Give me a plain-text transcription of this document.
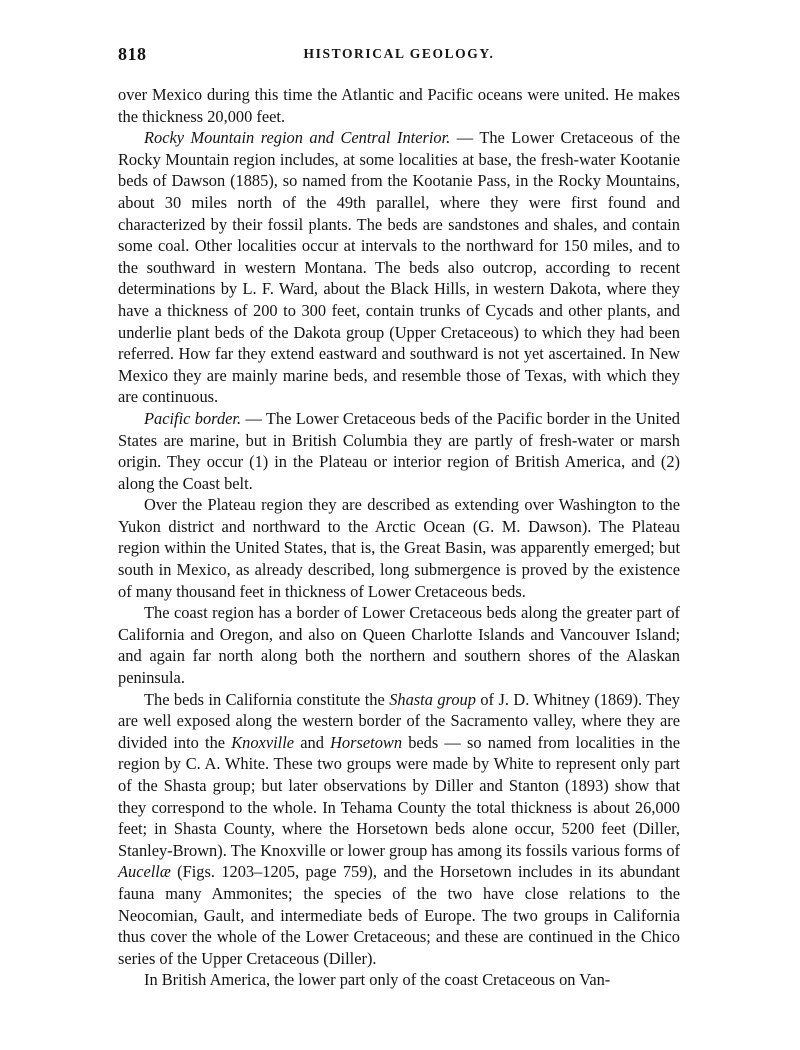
818	HISTORICAL GEOLOGY.

over Mexico during this time the Atlantic and Pacific oceans were united. He makes the thickness 20,000 feet.

Rocky Mountain region and Central Interior. — The Lower Cretaceous of the Rocky Mountain region includes, at some localities at base, the fresh-water Kootanie beds of Dawson (1885), so named from the Kootanie Pass, in the Rocky Mountains, about 30 miles north of the 49th parallel, where they were first found and characterized by their fossil plants. The beds are sandstones and shales, and contain some coal. Other localities occur at intervals to the northward for 150 miles, and to the southward in western Montana. The beds also outcrop, according to recent determinations by L. F. Ward, about the Black Hills, in western Dakota, where they have a thickness of 200 to 300 feet, contain trunks of Cycads and other plants, and underlie plant beds of the Dakota group (Upper Cretaceous) to which they had been referred. How far they extend eastward and southward is not yet ascertained. In New Mexico they are mainly marine beds, and resemble those of Texas, with which they are continuous.

Pacific border. — The Lower Cretaceous beds of the Pacific border in the United States are marine, but in British Columbia they are partly of fresh-water or marsh origin. They occur (1) in the Plateau or interior region of British America, and (2) along the Coast belt.

Over the Plateau region they are described as extending over Washington to the Yukon district and northward to the Arctic Ocean (G. M. Dawson). The Plateau region within the United States, that is, the Great Basin, was apparently emerged; but south in Mexico, as already described, long submergence is proved by the existence of many thousand feet in thickness of Lower Cretaceous beds.

The coast region has a border of Lower Cretaceous beds along the greater part of California and Oregon, and also on Queen Charlotte Islands and Vancouver Island; and again far north along both the northern and southern shores of the Alaskan peninsula.

The beds in California constitute the Shasta group of J. D. Whitney (1869). They are well exposed along the western border of the Sacramento valley, where they are divided into the Knoxville and Horsetown beds — so named from localities in the region by C. A. White. These two groups were made by White to represent only part of the Shasta group; but later observations by Diller and Stanton (1893) show that they correspond to the whole. In Tehama County the total thickness is about 26,000 feet; in Shasta County, where the Horsetown beds alone occur, 5200 feet (Diller, Stanley-Brown). The Knoxville or lower group has among its fossils various forms of Aucellæ (Figs. 1203–1205, page 759), and the Horsetown includes in its abundant fauna many Ammonites; the species of the two have close relations to the Neocomian, Gault, and intermediate beds of Europe. The two groups in California thus cover the whole of the Lower Cretaceous; and these are continued in the Chico series of the Upper Cretaceous (Diller).

In British America, the lower part only of the coast Cretaceous on Van-
